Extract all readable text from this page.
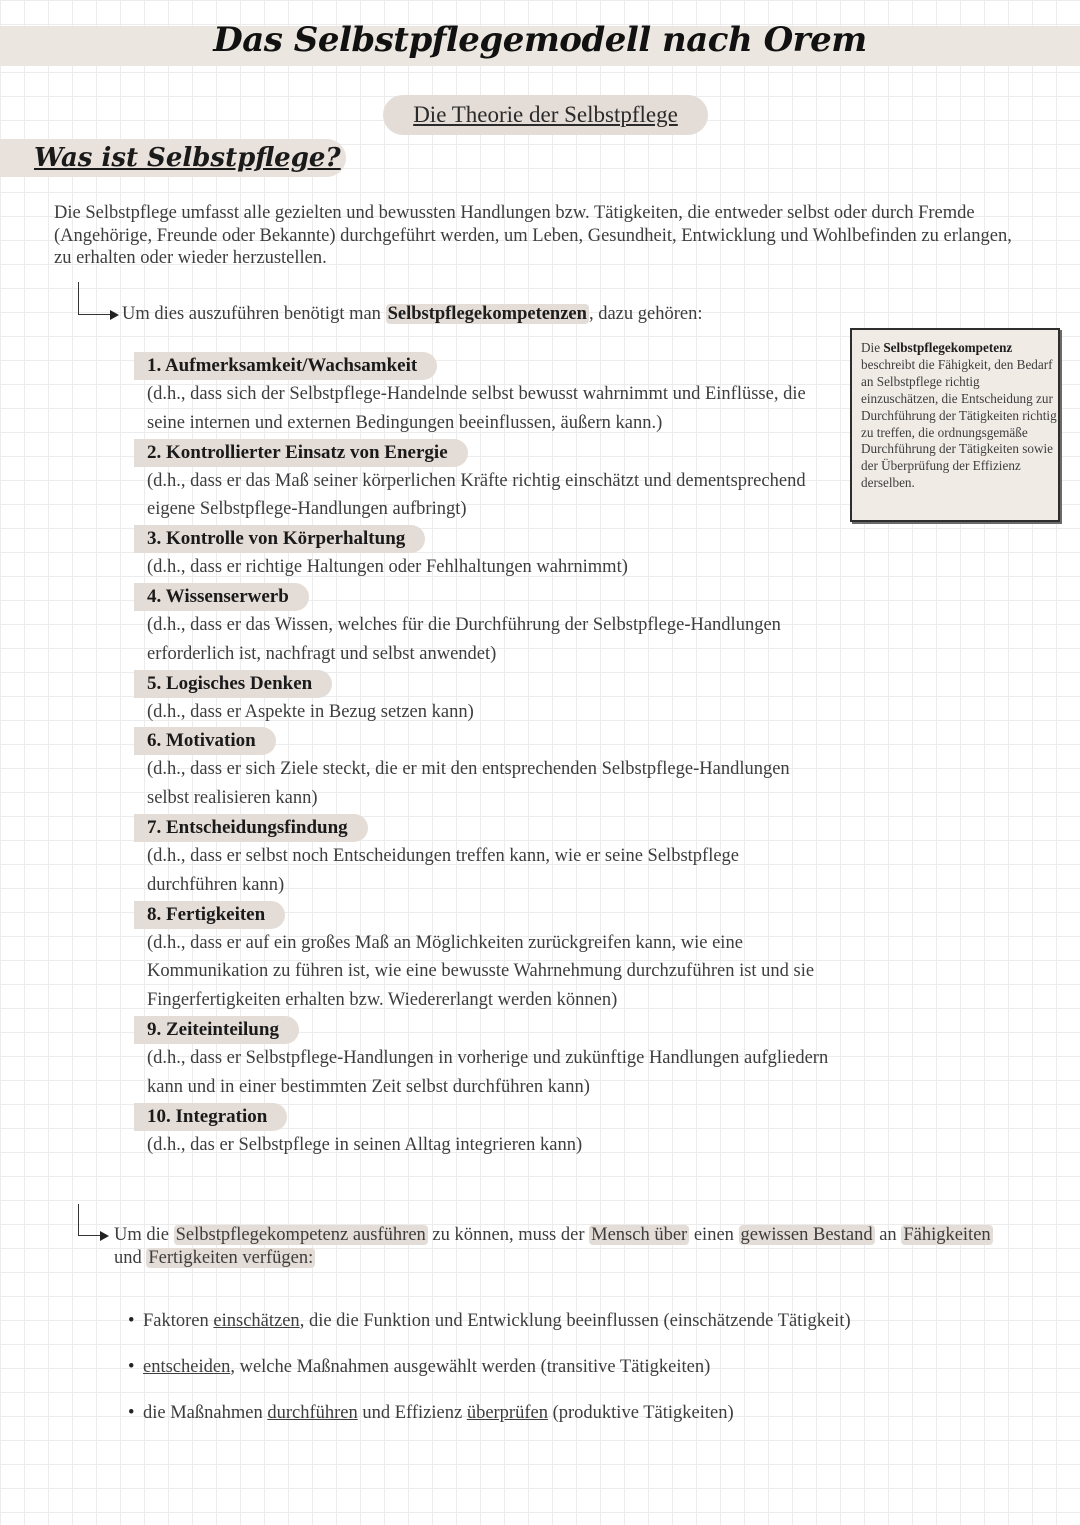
Das Selbstpflegemodell nach Orem
Die Theorie der Selbstpflege
Was ist Selbstpflege?
Die Selbstpflege umfasst alle gezielten und bewussten Handlungen bzw. Tätigkeiten, die entweder selbst oder durch Fremde (Angehörige, Freunde oder Bekannte) durchgeführt werden, um Leben, Gesundheit, Entwicklung und Wohlbefinden zu erlangen, zu erhalten oder wieder herzustellen.
Um dies auszuführen benötigt man Selbstpflegekompetenzen , dazu gehören:
1. Aufmerksamkeit/Wachsamkeit
(d.h., dass sich der Selbstpflege-Handelnde selbst bewusst wahrnimmt und Einflüsse, die seine internen und externen Bedingungen beeinflussen, äußern kann.)
2. Kontrollierter Einsatz von Energie
(d.h., dass er das Maß seiner körperlichen Kräfte richtig einschätzt und dementsprechend eigene Selbstpflege-Handlungen aufbringt)
3. Kontrolle von Körperhaltung
(d.h., dass er richtige Haltungen oder Fehlhaltungen wahrnimmt)
4. Wissenserwerb
(d.h., dass er das Wissen, welches für die Durchführung der Selbstpflege-Handlungen erforderlich ist, nachfragt und selbst anwendet)
5. Logisches Denken
(d.h., dass er Aspekte in Bezug setzen kann)
6. Motivation
(d.h., dass er sich Ziele steckt, die er mit den entsprechenden Selbstpflege-Handlungen selbst realisieren kann)
7. Entscheidungsfindung
(d.h., dass er selbst noch Entscheidungen treffen kann, wie er seine Selbstpflege durchführen kann)
8. Fertigkeiten
(d.h., dass er auf ein großes Maß an Möglichkeiten zurückgreifen kann, wie eine Kommunikation zu führen ist, wie eine bewusste Wahrnehmung durchzuführen ist und sie Fingerfertigkeiten erhalten bzw. Wiedererlangt werden können)
9. Zeiteinteilung
(d.h., dass er Selbstpflege-Handlungen in vorherige und zukünftige Handlungen aufgliedern kann und in einer bestimmten Zeit selbst durchführen kann)
10. Integration
(d.h., das er Selbstpflege in seinen Alltag integrieren kann)
Die Selbstpflegekompetenz beschreibt die Fähigkeit, den Bedarf an Selbstpflege richtig einzuschätzen, die Entscheidung zur Durchführung der Tätigkeiten richtig zu treffen, die ordnungsgemäße Durchführung der Tätigkeiten sowie der Überprüfung der Effizienz derselben.
Um die Selbstpflegekompetenz ausführen zu können, muss der Mensch über einen gewissen Bestand an Fähigkeiten und Fertigkeiten verfügen:
• Faktoren einschätzen, die die Funktion und Entwicklung beeinflussen (einschätzende Tätigkeit)
• entscheiden, welche Maßnahmen ausgewählt werden (transitive Tätigkeiten)
• die Maßnahmen durchführen und Effizienz überprüfen (produktive Tätigkeiten)
